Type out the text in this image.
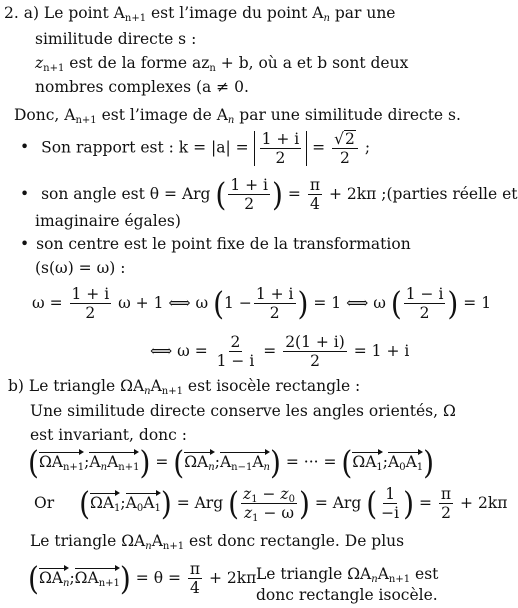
2. a) Le point $A_{n+1}$ est l’image du point $A_n$ par une
similitude directe s :
$z_{n+1}$ est de la forme $az_n + b$, où a et b sont deux
nombres complexes (a ≠ 0.
Donc, $A_{n+1}$ est l’image de $A_n$ par une similitude directe s.
• Son rapport est : $k = |a| = \frac{1 + i}{2} = \frac{√2}{2}$ ;
• son angle est θ = Arg ( $\frac{1 + i}{2}$ ) = $\frac{\pi}{4} + 2k\pi$ ;(parties réelle et
imaginaire égales)
• son centre est le point fixe de la transformation
(s(ω) = ω) :
$\omega = \frac{1 + i}{2}$ ω + 1 ⟺ ω ($1 - \frac{1 + i}{2}$ ) = 1 ⟺ ω ( $\frac{1 - i}{2}$ ) = 1
⟺ $\omega = \frac{2}{1 - i} = \frac{2(1 + i)}{2} = 1 + i$
b) Le triangle $\Omega A_nA_{n+1}$ est isocèle rectangle :
Une similitude directe conserve les angles orientés, Ω
est invariant, donc :
$(\Omega A_{n+1};A_nA_{n+1})$ = $(\Omega A_n;A_{n-1}A_n)$ = ··· = $(\Omega A_1;A_0A_1)$
Or $(\Omega A_1;A_0A_1)$ = Arg ( $\frac{z_1 - z_0}{z_1 - \omega}$ ) = Arg ( $\frac{1}{-i}$ ) = $\frac{\pi}{2} + 2k\pi$
Le triangle $\Omega A_nA_{n+1}$ est donc rectangle. De plus
$(\Omega A_n;\Omega A_{n+1}) = \theta = \frac{\pi}{4} + 2k\pi$ Le triangle $\Omega A_nA_{n+1}$ est
donc rectangle isocèle.
